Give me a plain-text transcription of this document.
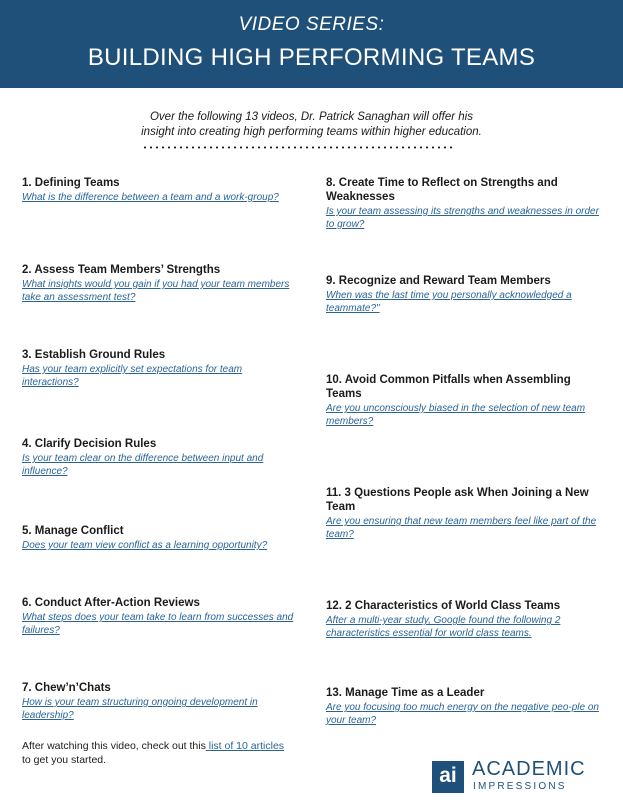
VIDEO SERIES:
BUILDING HIGH PERFORMING TEAMS
Over the following 13 videos, Dr. Patrick Sanaghan will offer his
insight into creating high performing teams within higher education.
1. Defining Teams
What is the difference between a team and a work-group?
2. Assess Team Members’ Strengths
What insights would you gain if you had your team members take an assessment test?
3. Establish Ground Rules
Has your team explicitly set expectations for team interactions?
4. Clarify Decision Rules
Is your team clear on the difference between input and influence?
5. Manage Conflict
Does your team view conflict as a learning opportunity?
6. Conduct After-Action Reviews
What steps does your team take to learn from successes and failures?
7. Chew’n’Chats
How is your team structuring ongoing development in leadership?
8. Create Time to Reflect on Strengths and Weaknesses
Is your team assessing its strengths and weaknesses in order to grow?
9. Recognize and Reward Team Members
When was the last time you personally acknowledged a teammate?"
10. Avoid Common Pitfalls when Assembling Teams
Are you unconsciously biased in the selection of new team members?
11. 3 Questions People ask When Joining a New Team
Are you ensuring that new team members feel like part of the team?
12. 2 Characteristics of World Class Teams
After a multi-year study, Google found the following 2 characteristics essential for world class teams.
13. Manage Time as a Leader
Are you focusing too much energy on the negative peo-ple on your team?
After watching this video, check out this list of 10 articles to get you started.
ai ACADEMIC
IMPRESSIONS
